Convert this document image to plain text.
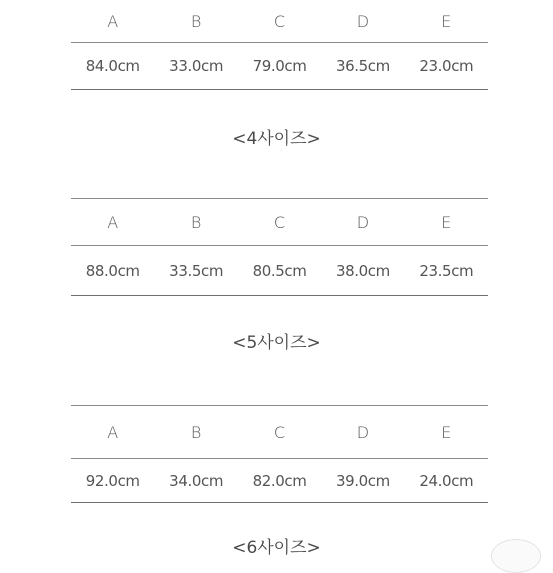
A	B	C	D	E
84.0cm	33.0cm	79.0cm	36.5cm	23.0cm
<4사이즈>
A	B	C	D	E
88.0cm	33.5cm	80.5cm	38.0cm	23.5cm
<5사이즈>
A	B	C	D	E
92.0cm	34.0cm	82.0cm	39.0cm	24.0cm
<6사이즈>
